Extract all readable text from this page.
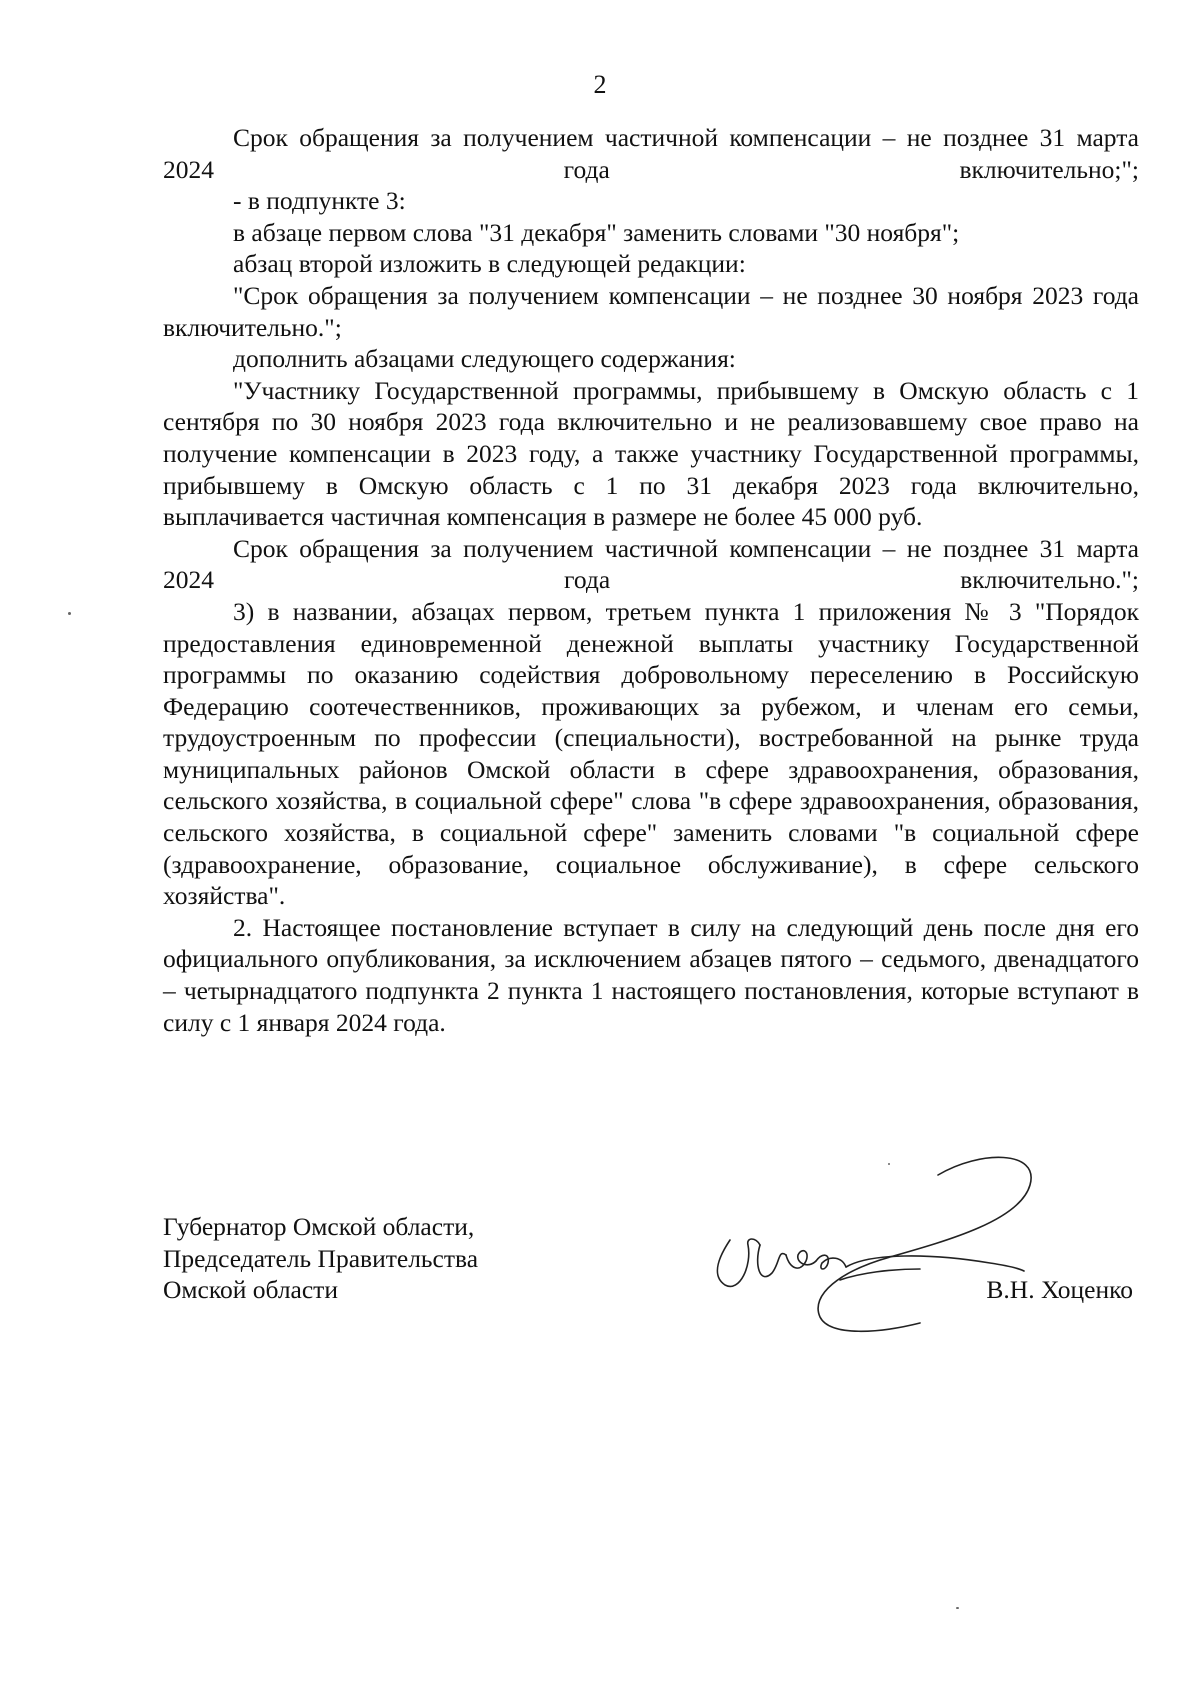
2

Срок обращения за получением частичной компенсации – не позднее 31 марта 2024 года включительно;";

- в подпункте 3:

в абзаце первом слова "31 декабря" заменить словами "30 ноября";

абзац второй изложить в следующей редакции:

"Срок обращения за получением компенсации – не позднее 30 ноября 2023 года включительно.";

дополнить абзацами следующего содержания:

"Участнику Государственной программы, прибывшему в Омскую область с 1 сентября по 30 ноября 2023 года включительно и не реализовавшему свое право на получение компенсации в 2023 году, а также участнику Государственной программы, прибывшему в Омскую область с 1 по 31 декабря 2023 года включительно, выплачивается частичная компенсация в размере не более 45 000 руб.

Срок обращения за получением частичной компенсации – не позднее 31 марта 2024 года включительно.";

3) в названии, абзацах первом, третьем пункта 1 приложения № 3 "Порядок предоставления единовременной денежной выплаты участнику Государственной программы по оказанию содействия добровольному переселению в Российскую Федерацию соотечественников, проживающих за рубежом, и членам его семьи, трудоустроенным по профессии (специальности), востребованной на рынке труда муниципальных районов Омской области в сфере здравоохранения, образования, сельского хозяйства, в социальной сфере" слова "в сфере здравоохранения, образования, сельского хозяйства, в социальной сфере" заменить словами "в социальной сфере (здравоохранение, образование, социальное обслуживание), в сфере сельского хозяйства".

2. Настоящее постановление вступает в силу на следующий день после дня его официального опубликования, за исключением абзацев пятого – седьмого, двенадцатого – четырнадцатого подпункта 2 пункта 1 настоящего постановления, которые вступают в силу с 1 января 2024 года.

Губернатор Омской области,
Председатель Правительства
Омской области	В.Н. Хоценко
